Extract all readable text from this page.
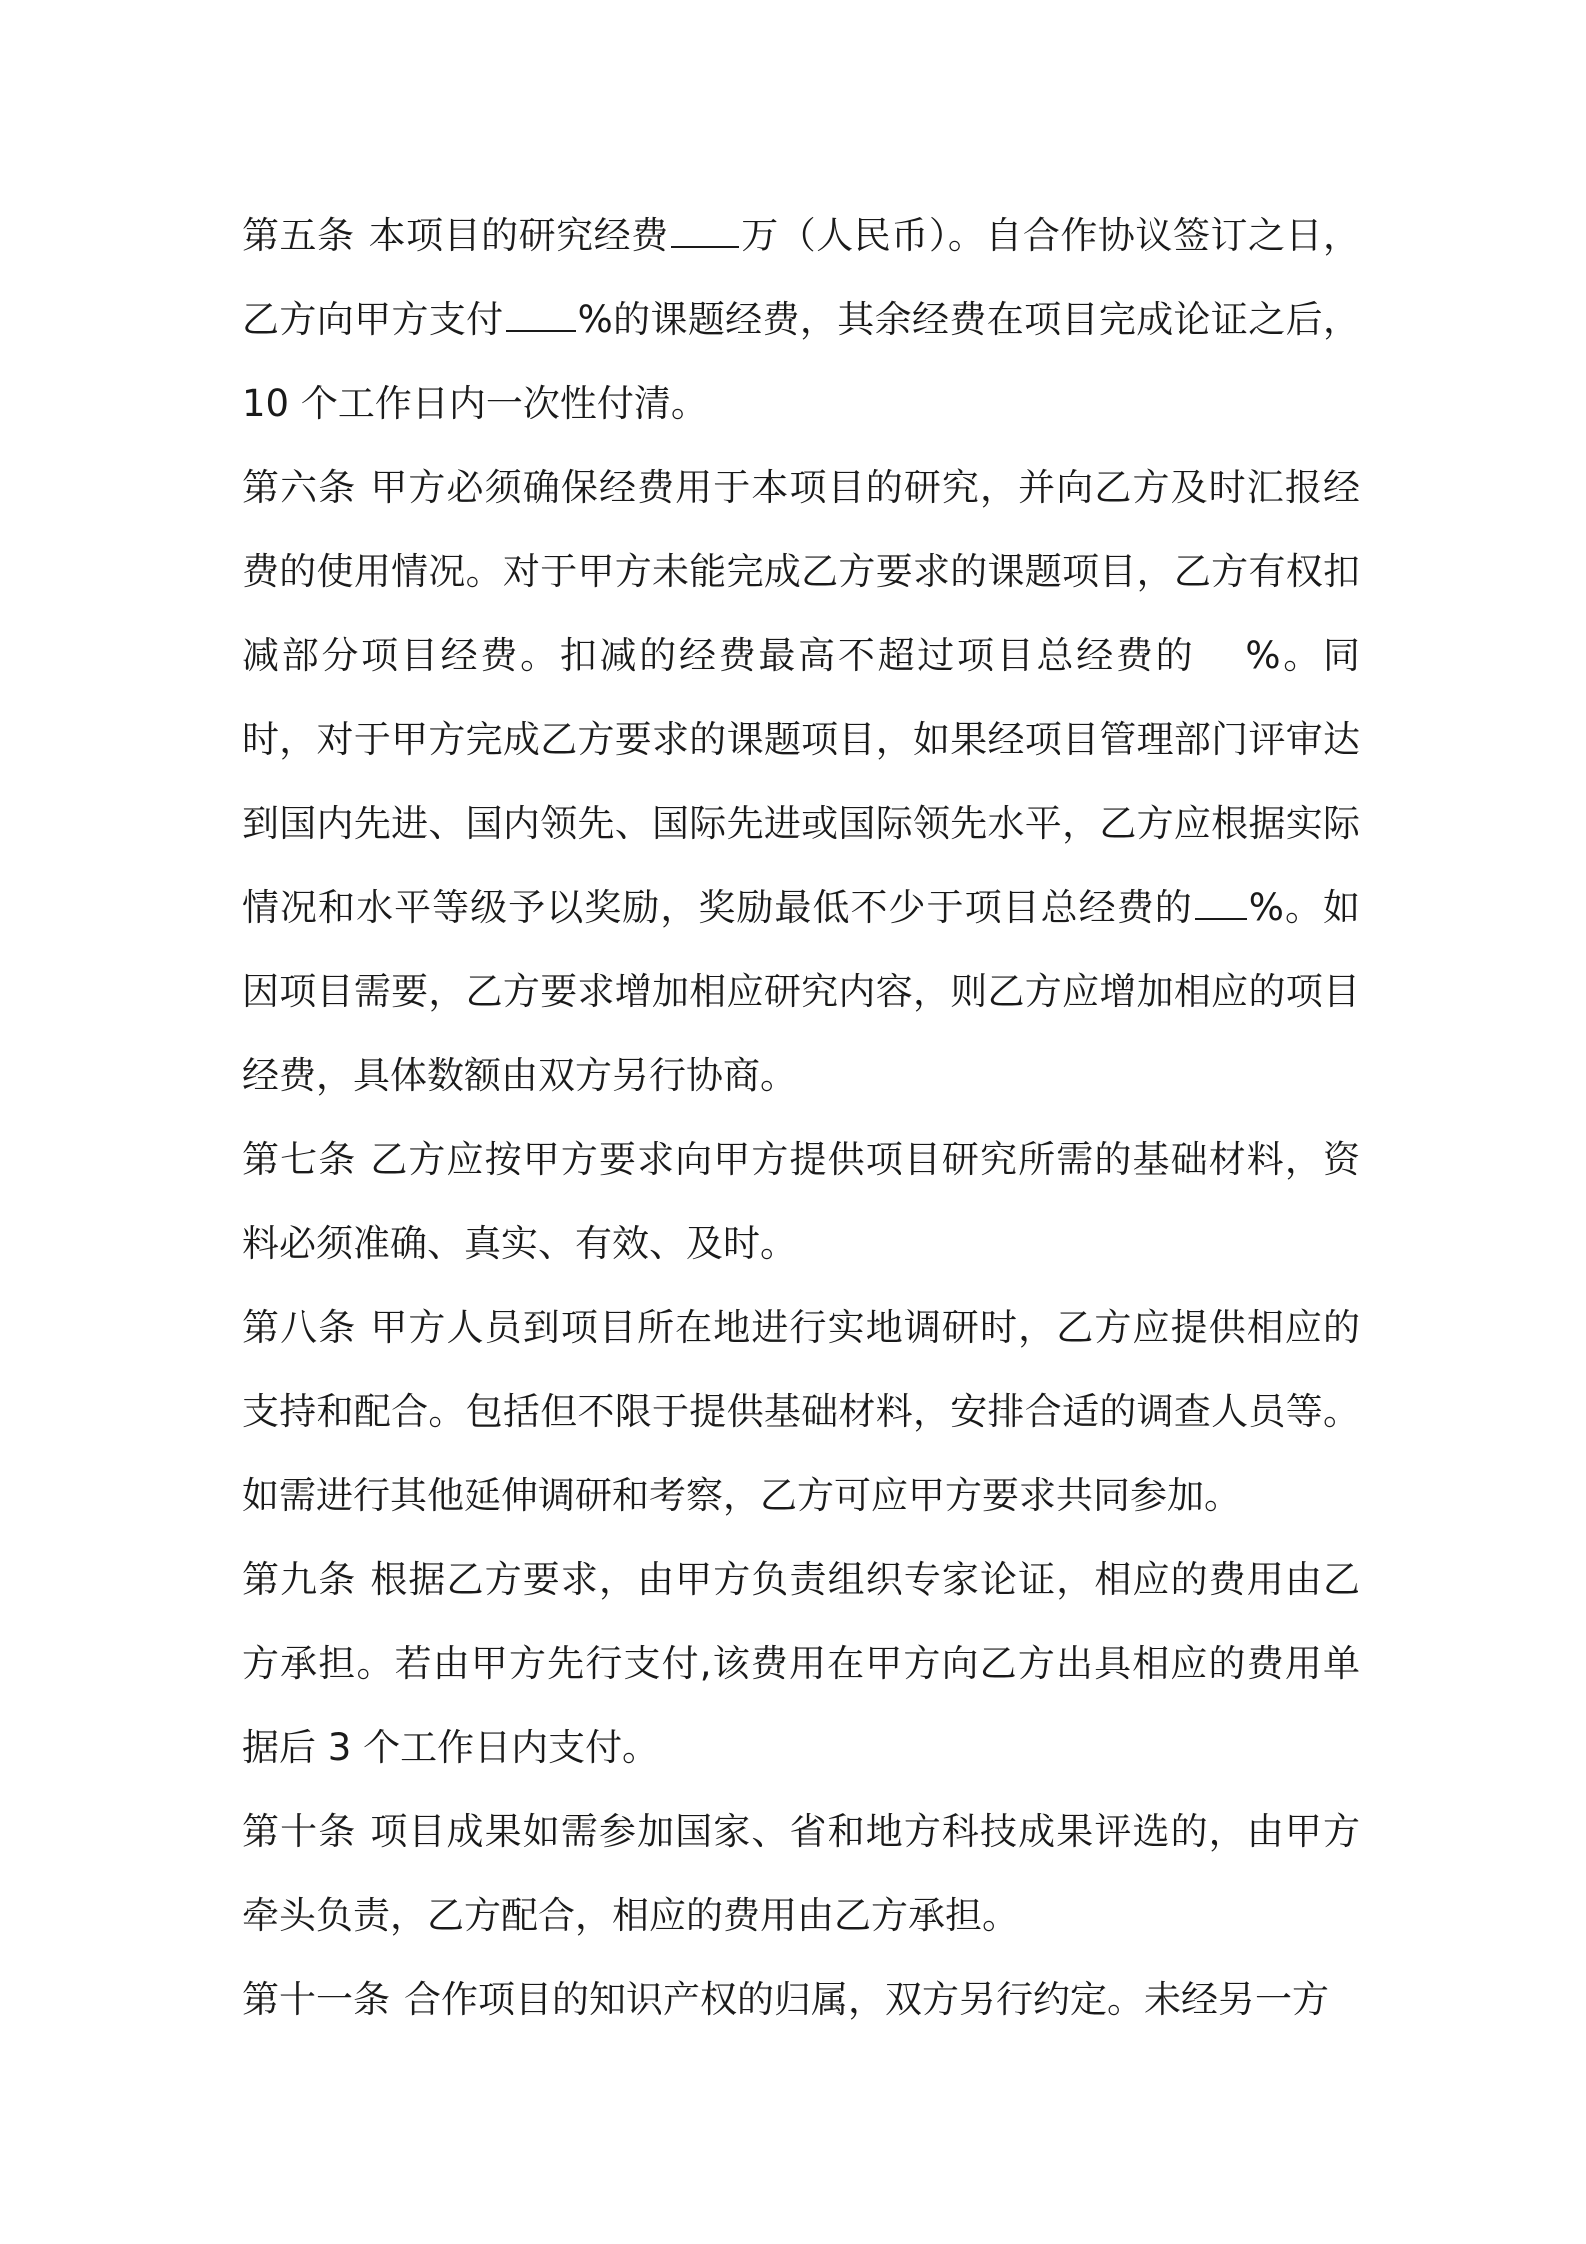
第五条 本项目的研究经费 万（人民币）。自合作协议签订之日，乙方向甲方支付 %的课题经费，其余经费在项目完成论证之后，10 个工作日内一次性付清。

第六条 甲方必须确保经费用于本项目的研究，并向乙方及时汇报经费的使用情况。对于甲方未能完成乙方要求的课题项目，乙方有权扣减部分项目经费。扣减的经费最高不超过项目总经费的 %。同时，对于甲方完成乙方要求的课题项目，如果经项目管理部门评审达到国内先进、国内领先、国际先进或国际领先水平，乙方应根据实际情况和水平等级予以奖励，奖励最低不少于项目总经费的 %。如因项目需要，乙方要求增加相应研究内容，则乙方应增加相应的项目经费，具体数额由双方另行协商。

第七条 乙方应按甲方要求向甲方提供项目研究所需的基础材料，资料必须准确、真实、有效、及时。

第八条 甲方人员到项目所在地进行实地调研时，乙方应提供相应的支持和配合。包括但不限于提供基础材料，安排合适的调查人员等。如需进行其他延伸调研和考察，乙方可应甲方要求共同参加。

第九条 根据乙方要求，由甲方负责组织专家论证，相应的费用由乙方承担。若由甲方先行支付,该费用在甲方向乙方出具相应的费用单据后 3 个工作日内支付。

第十条 项目成果如需参加国家、省和地方科技成果评选的，由甲方牵头负责，乙方配合，相应的费用由乙方承担。

第十一条 合作项目的知识产权的归属，双方另行约定。未经另一方
